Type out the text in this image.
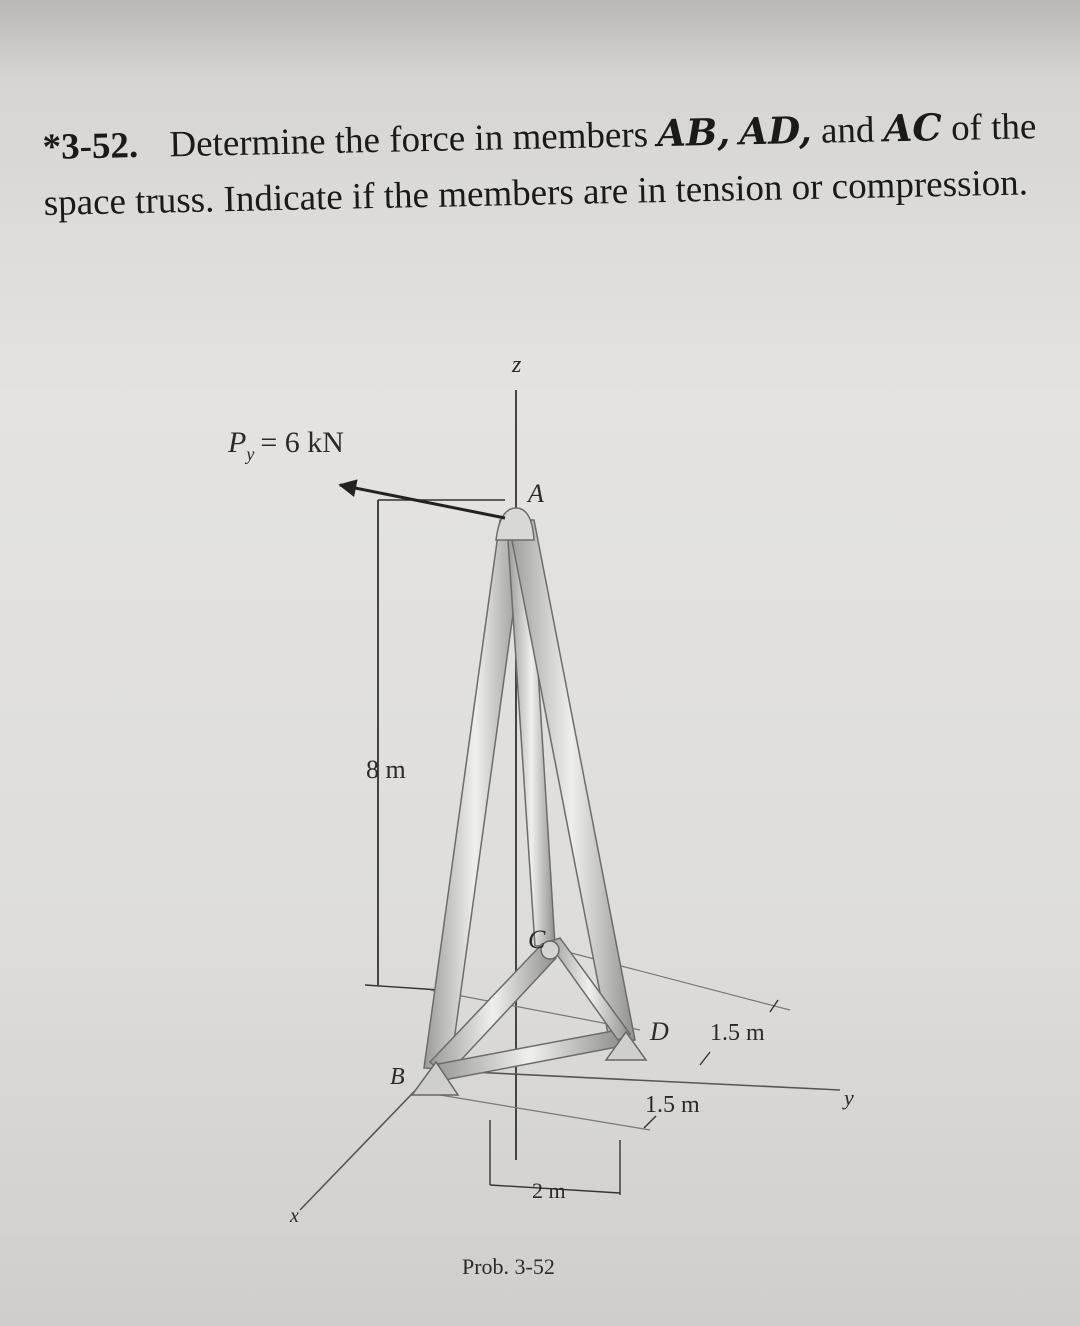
*3-52. Determine the force in members AB, AD, and AC of the space truss. Indicate if the members are in tension or compression.
$P_y = 6$ kN
z
A
8 m
C
D 1.5 m
B
1.5 m	y
x
2 m
Prob. 3-52
